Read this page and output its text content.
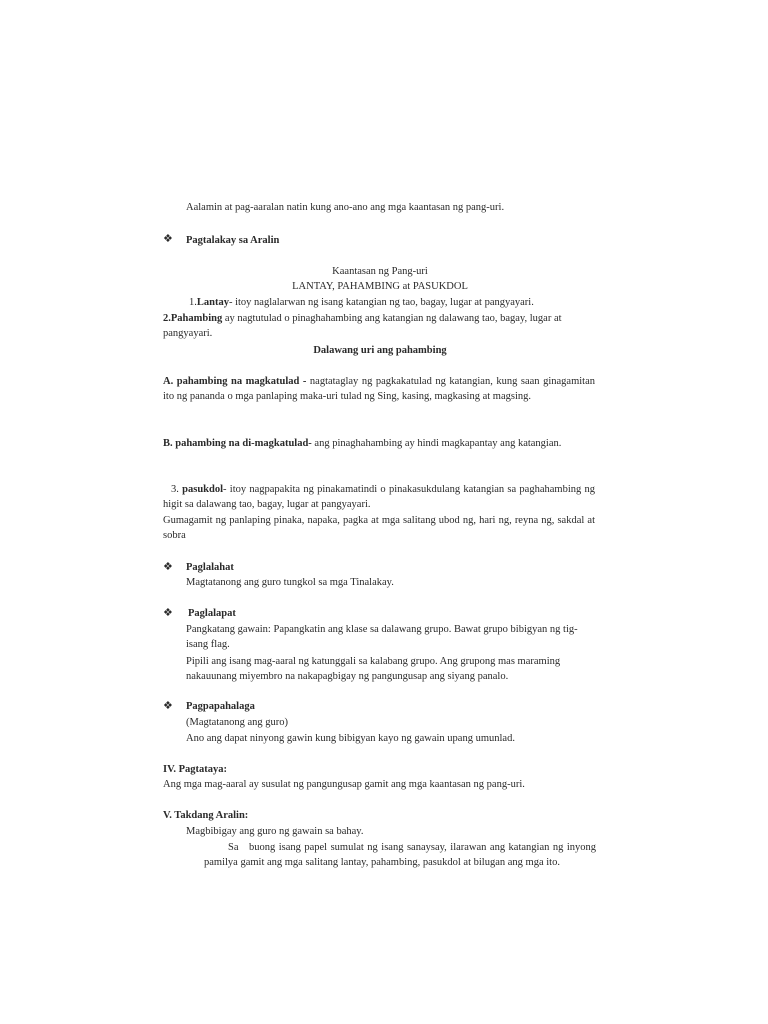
Aalamin at pag-aaralan natin kung ano-ano ang mga kaantasan ng pang-uri.

❖ Pagtalakay sa Aralin

Kaantasan ng Pang-uri

LANTAY, PAHAMBING at PASUKDOL

1.Lantay- itoy naglalarwan ng isang katangian ng tao, bagay, lugar at pangyayari.

2.Pahambing ay nagtutulad o pinaghahambing ang katangian ng dalawang tao, bagay, lugar at pangyayari.

Dalawang uri ang pahambing

A. pahambing na magkatulad - nagtataglay ng pagkakatulad ng katangian, kung saan ginagamitan ito ng pananda o mga panlaping maka-uri tulad ng Sing, kasing, magkasing at magsing.

B. pahambing na di-magkatulad- ang pinaghahambing ay hindi magkapantay ang katangian.

3. pasukdol- itoy nagpapakita ng pinakamatindi o pinakasukdulang katangian sa paghahambing ng higit sa dalawang tao, bagay, lugar at pangyayari.

Gumagamit ng panlaping pinaka, napaka, pagka at mga salitang ubod ng, hari ng, reyna ng, sakdal at sobra

❖ Paglalahat

Magtatanong ang guro tungkol sa mga Tinalakay.

❖ Paglalapat

Pangkatang gawain: Papangkatin ang klase sa dalawang grupo. Bawat grupo bibigyan ng tig-isang flag.

Pipili ang isang mag-aaral ng katunggali sa kalabang grupo. Ang grupong mas maraming nakauunang miyembro na nakapagbigay ng pangungusap ang siyang panalo.

❖ Pagpapahalaga

(Magtatanong ang guro)

Ano ang dapat ninyong gawin kung bibigyan kayo ng gawain upang umunlad.

IV. Pagtataya:

Ang mga mag-aaral ay susulat ng pangungusap gamit ang mga kaantasan ng pang-uri.

V. Takdang Aralin:

Magbibigay ang guro ng gawain sa bahay.

Sa buong isang papel sumulat ng isang sanaysay, ilarawan ang katangian ng inyong pamilya gamit ang mga salitang lantay, pahambing, pasukdol at bilugan ang mga ito.
